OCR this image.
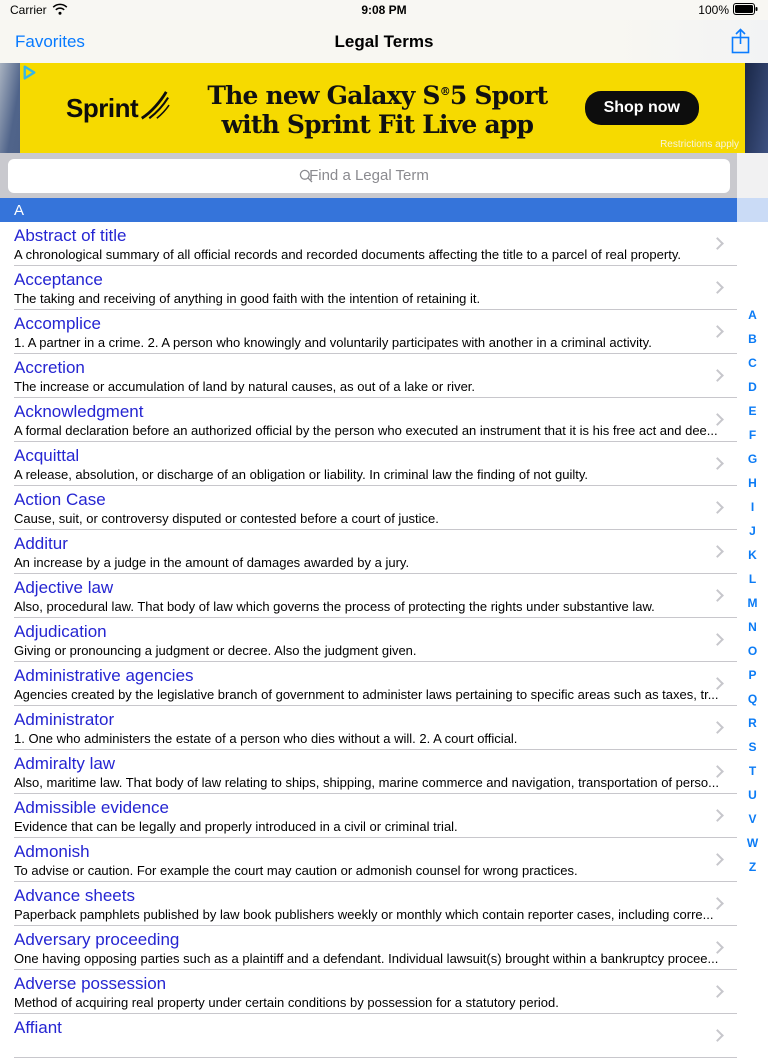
Carrier	9:08 PM	100%
Favorites	Legal Terms
Sprint	The new Galaxy S®5 Sport
with Sprint Fit Live app
Shop now
Restrictions apply
Find a Legal Term
A
Abstract of title
A chronological summary of all official records and recorded documents affecting the title to a parcel of real property.
Acceptance
The taking and receiving of anything in good faith with the intention of retaining it.
Accomplice
1. A partner in a crime. 2. A person who knowingly and voluntarily participates with another in a criminal activity.
Accretion
The increase or accumulation of land by natural causes, as out of a lake or river.
Acknowledgment
A formal declaration before an authorized official by the person who executed an instrument that it is his free act and dee...
Acquittal
A release, absolution, or discharge of an obligation or liability. In criminal law the finding of not guilty.
Action Case
Cause, suit, or controversy disputed or contested before a court of justice.
Additur
An increase by a judge in the amount of damages awarded by a jury.
Adjective law
Also, procedural law. That body of law which governs the process of protecting the rights under substantive law.
Adjudication
Giving or pronouncing a judgment or decree. Also the judgment given.
Administrative agencies
Agencies created by the legislative branch of government to administer laws pertaining to specific areas such as taxes, tr...
Administrator
1. One who administers the estate of a person who dies without a will. 2. A court official.
Admiralty law
Also, maritime law. That body of law relating to ships, shipping, marine commerce and navigation, transportation of perso...
Admissible evidence
Evidence that can be legally and properly introduced in a civil or criminal trial.
Admonish
To advise or caution. For example the court may caution or admonish counsel for wrong practices.
Advance sheets
Paperback pamphlets published by law book publishers weekly or monthly which contain reporter cases, including corre...
Adversary proceeding
One having opposing parties such as a plaintiff and a defendant. Individual lawsuit(s) brought within a bankruptcy procee...
Adverse possession
Method of acquiring real property under certain conditions by possession for a statutory period.
Affiant
A
B
C
D
E
F
G
H
I
J
K
L
M
N
O
P
Q
R
S
T
U
V
W
Z
